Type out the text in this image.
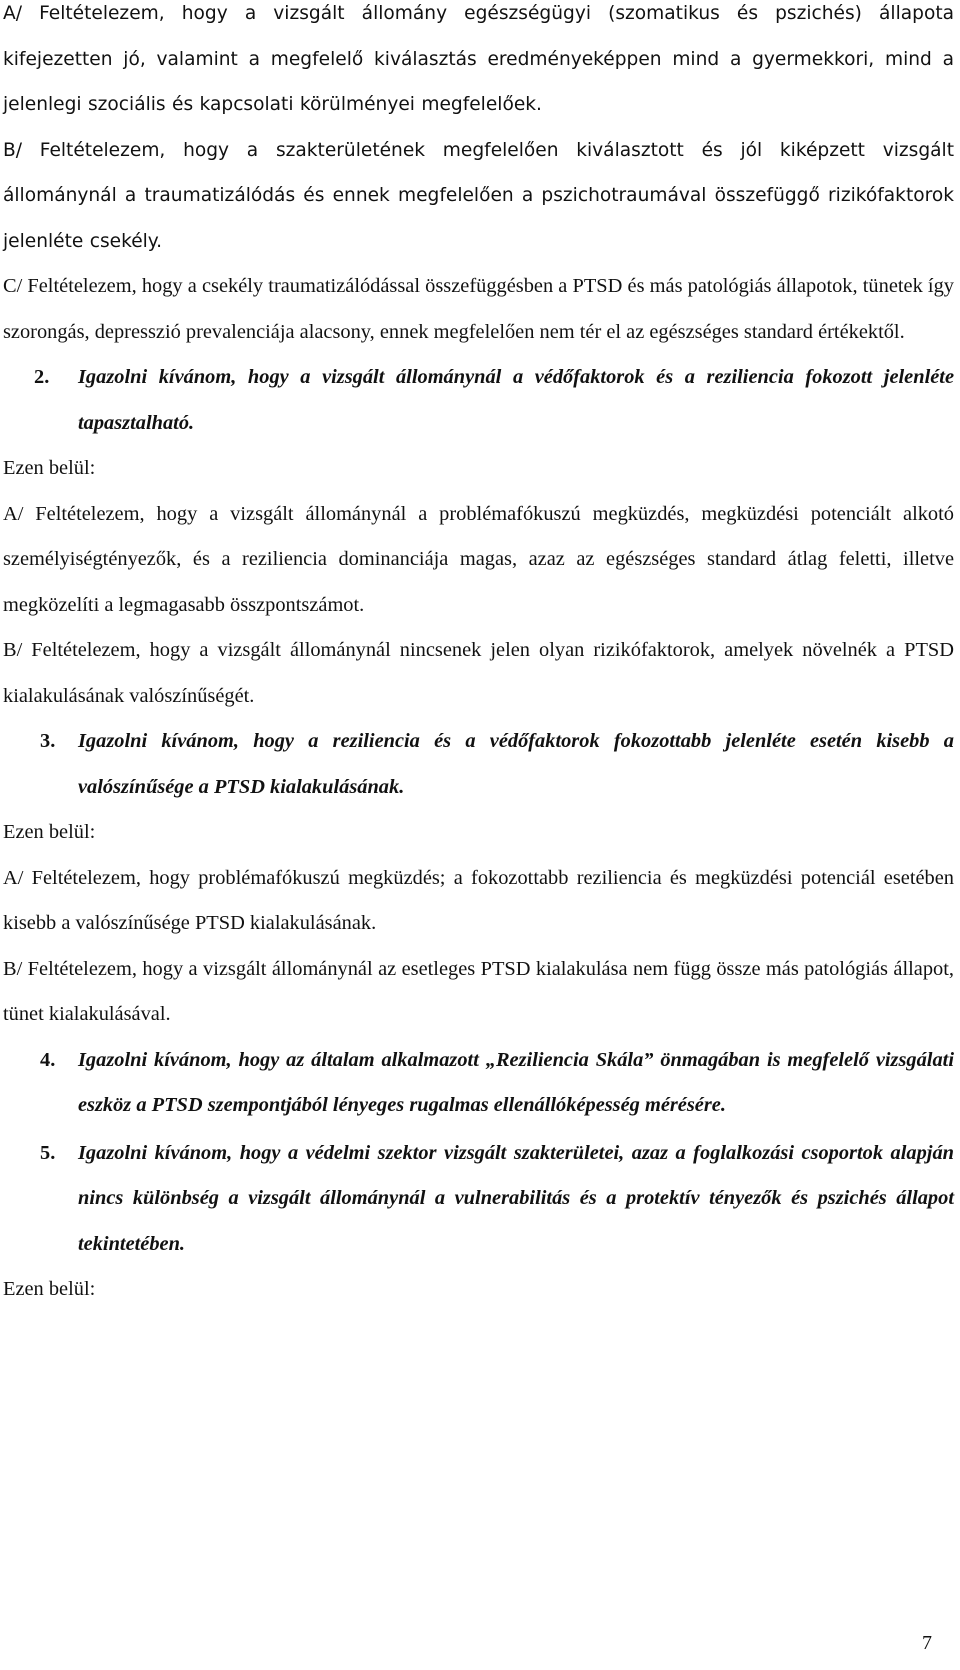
A/ Feltételezem, hogy a vizsgált állomány egészségügyi (szomatikus és pszichés) állapota kifejezetten jó, valamint a megfelelő kiválasztás eredményeképpen mind a gyermekkori, mind a jelenlegi szociális és kapcsolati körülményei megfelelőek.

B/ Feltételezem, hogy a szakterületének megfelelően kiválasztott és jól kiképzett vizsgált állománynál a traumatizálódás és ennek megfelelően a pszichotraumával összefüggő rizikófaktorok jelenléte csekély.

C/ Feltételezem, hogy a csekély traumatizálódással összefüggésben a PTSD és más patológiás állapotok, tünetek így szorongás, depresszió prevalenciája alacsony, ennek megfelelően nem tér el az egészséges standard értékektől.

2.	Igazolni kívánom, hogy a vizsgált állománynál a védőfaktorok és a reziliencia fokozott jelenléte tapasztalható.

Ezen belül:

A/ Feltételezem, hogy a vizsgált állománynál a problémafókuszú megküzdés, megküzdési potenciált alkotó személyiségtényezők, és a reziliencia dominanciája magas, azaz az egészséges standard átlag feletti, illetve megközelíti a legmagasabb összpontszámot.

B/ Feltételezem, hogy a vizsgált állománynál nincsenek jelen olyan rizikófaktorok, amelyek növelnék a PTSD kialakulásának valószínűségét.

3.	Igazolni kívánom, hogy a reziliencia és a védőfaktorok fokozottabb jelenléte esetén kisebb a valószínűsége a PTSD kialakulásának.

Ezen belül:

A/ Feltételezem, hogy problémafókuszú megküzdés; a fokozottabb reziliencia és megküzdési potenciál esetében kisebb a valószínűsége PTSD kialakulásának.

B/ Feltételezem, hogy a vizsgált állománynál az esetleges PTSD kialakulása nem függ össze más patológiás állapot, tünet kialakulásával.

4.	Igazolni kívánom, hogy az általam alkalmazott „Reziliencia Skála” önmagában is megfelelő vizsgálati eszköz a PTSD szempontjából lényeges rugalmas ellenállóképesség mérésére.
5.	Igazolni kívánom, hogy a védelmi szektor vizsgált szakterületei, azaz a foglalkozási csoportok alapján nincs különbség a vizsgált állománynál a vulnerabilitás és a protektív tényezők és pszichés állapot tekintetében.

Ezen belül:

7
